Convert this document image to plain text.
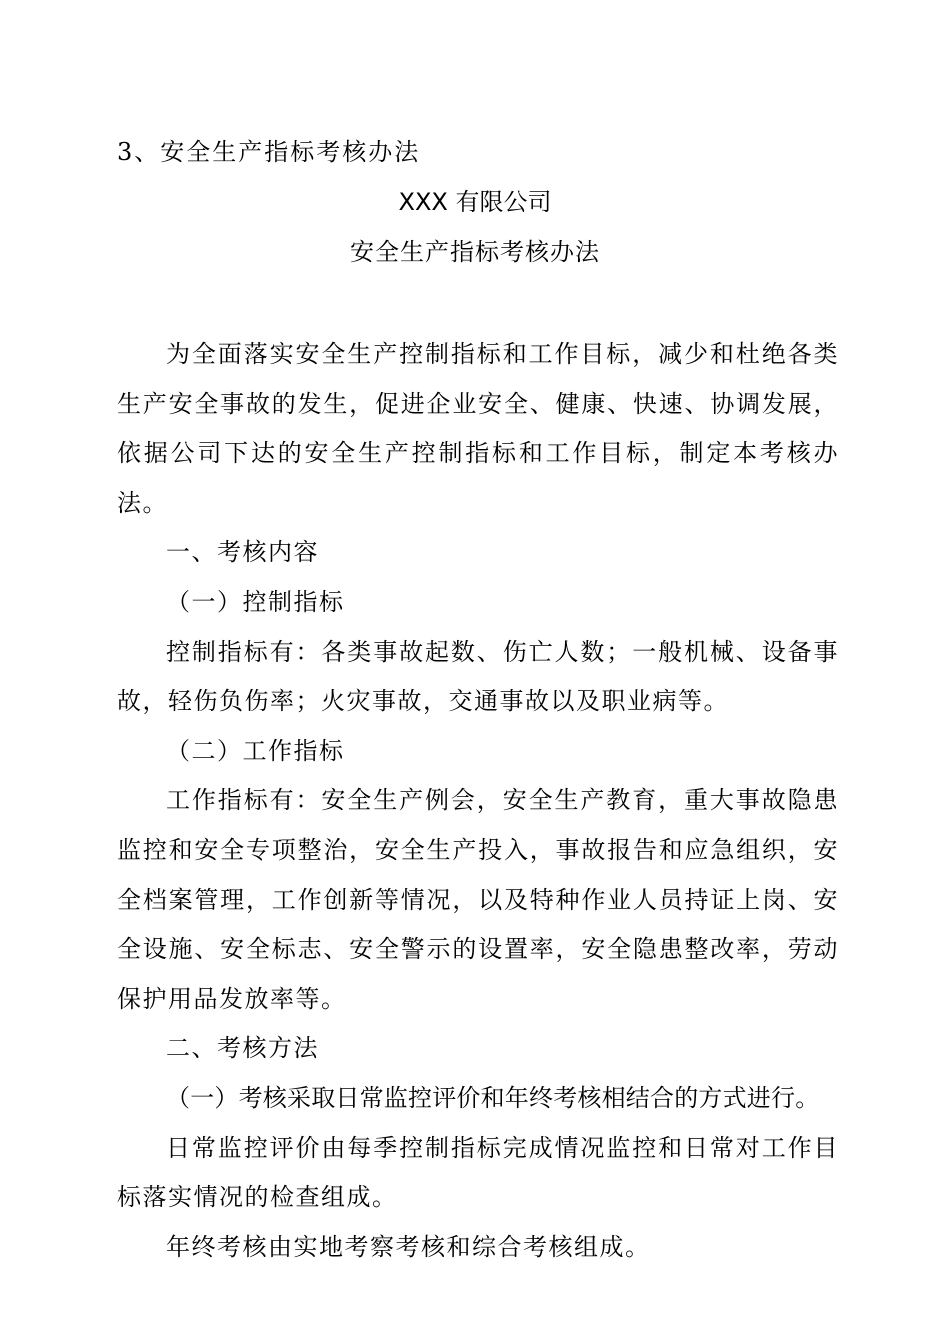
3、安全生产指标考核办法
XXX 有限公司
安全生产指标考核办法

为全面落实安全生产控制指标和工作目标，减少和杜绝各类生产安全事故的发生，促进企业安全、健康、快速、协调发展，依据公司下达的安全生产控制指标和工作目标，制定本考核办法。

一、考核内容

（一）控制指标

控制指标有：各类事故起数、伤亡人数；一般机械、设备事故，轻伤负伤率；火灾事故，交通事故以及职业病等。

（二）工作指标

工作指标有：安全生产例会，安全生产教育，重大事故隐患监控和安全专项整治，安全生产投入，事故报告和应急组织，安全档案管理，工作创新等情况，以及特种作业人员持证上岗、安全设施、安全标志、安全警示的设置率，安全隐患整改率，劳动保护用品发放率等。

二、考核方法

（一）考核采取日常监控评价和年终考核相结合的方式进行。

日常监控评价由每季控制指标完成情况监控和日常对工作目标落实情况的检查组成。

年终考核由实地考察考核和综合考核组成。
